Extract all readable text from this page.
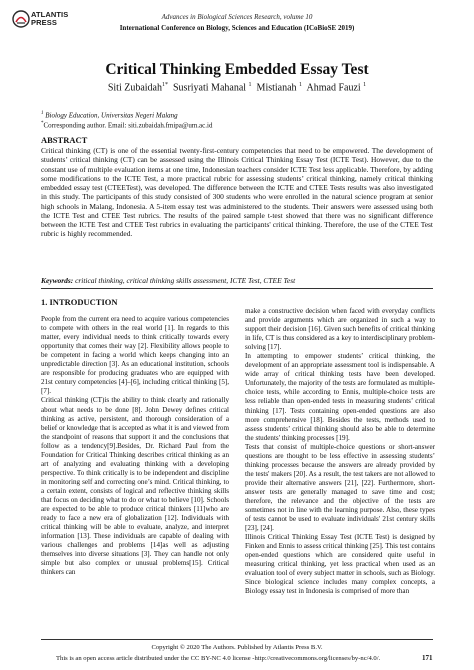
ATLANTIS
PRESS
Advances in Biological Sciences Research, volume 10
International Conference on Biology, Sciences and Education (ICoBioSE 2019)
Critical Thinking Embedded Essay Test
Siti Zubaidah$^{1*}$ Susriyati Mahanal $^1$ Mistianah $^1$ Ahmad Fauzi $^1$
$^1$ Biology Education, Universitas Negeri Malang
*Corresponding author. Email: siti.zubaidah.fmipa@um.ac.id
ABSTRACT
Critical thinking (CT) is one of the essential twenty-first-century competencies that need to be empowered. The development of students’ critical thinking (CT) can be assessed using the Illinois Critical Thinking Essay Test (ICTE Test). However, due to the constant use of multiple evaluation items at one time, Indonesian teachers consider ICTE Test less applicable. Therefore, by adding some modifications to the ICTE Test, a more practical rubric for assessing students’ critical thinking, namely critical thinking embedded essay test (CTEETest), was developed. The difference between the ICTE and CTEE Tests results was also investigated in this study. The participants of this study consisted of 300 students who were enrolled in the natural science program at senior high schools in Malang, Indonesia. A 5-item essay test was administered to the students. Their answers were assessed using both the ICTE Test and CTEE Test rubrics. The results of the paired sample t-test showed that there was no significant difference between the ICTE Test and CTEE Test rubrics in evaluating the participants' critical thinking. Therefore, the use of the CTEE Test rubric is highly recommended.
Keywords: critical thinking, critical thinking skills assessment, ICTE Test, CTEE Test
1. INTRODUCTION

People from the current era need to acquire various competencies to compete with others in the real world [1]. In regards to this matter, every individual needs to think critically towards every opportunity that comes their way [2]. Flexibility allows people to be competent in facing a world which keeps changing into an unpredictable direction [3]. As an educational institution, schools are responsible for producing graduates who are equipped with 21st century competencies [4]–[6], including critical thinking [5], [7].

Critical thinking (CT)is the ability to think clearly and rationally about what needs to be done [8]. John Dewey defines critical thinking as active, persistent, and thorough consideration of a belief or knowledge that is accepted as what it is and viewed from the standpoint of reasons that support it and the conclusions that follow as a tendency[9].Besides, Dr. Richard Paul from the Foundation for Critical Thinking describes critical thinking as an art of analyzing and evaluating thinking with a developing perspective. To think critically is to be independent and discipline in monitoring self and correcting one’s mind. Critical thinking, to a certain extent, consists of logical and reflective thinking skills that focus on deciding what to do or what to believe [10]. Schools are expected to be able to produce critical thinkers [11]who are ready to face a new era of globalization [12]. Individuals with critical thinking will be able to evaluate, analyze, and interpret information [13]. These individuals are capable of dealing with various challenges and problems [14]as well as adjusting themselves into diverse situations [3]. They can handle not only simple but also complex or unusual problems[15]. Critical thinkers can

make a constructive decision when faced with everyday conflicts and provide arguments which are organized in such a way to support their decision [16]. Given such benefits of critical thinking in life, CT is thus considered as a key to interdisciplinary problem-solving [17].

In attempting to empower students’ critical thinking, the development of an appropriate assessment tool is indispensable. A wide array of critical thinking tests have been developed. Unfortunately, the majority of the tests are formulated as multiple-choice tests, while according to Ennis, multiple-choice tests are less reliable than open-ended tests in measuring students’ critical thinking [17]. Tests containing open-ended questions are also more comprehensive [18]. Besides the tests, methods used to assess students’ critical thinking should also be able to determine the students' thinking processes [19].

Tests that consist of multiple-choice questions or short-answer questions are thought to be less effective in assessing students’ thinking processes because the answers are already provided by the tests' makers [20]. As a result, the test takers are not allowed to provide their alternative answers [21], [22]. Furthermore, short-answer tests are generally managed to save time and cost; therefore, the relevance and the objective of the tests are sometimes not in line with the learning purpose. Also, these types of tests cannot be used to evaluate individuals' 21st century skills [23], [24].

Illinois Critical Thinking Essay Test (ICTE Test) is designed by Finken and Ennis to assess critical thinking [25]. This test contains open-ended questions which are considered quite useful in measuring critical thinking, yet less practical when used as an evaluation tool of every subject matter in schools, such as Biology. Since biological science includes many complex concepts, a Biology essay test in Indonesia is comprised of more than

Copyright © 2020 The Authors. Published by Atlantis Press B.V.
This is an open access article distributed under the CC BY-NC 4.0 license -http://creativecommons.org/licenses/by-nc/4.0/.	171
